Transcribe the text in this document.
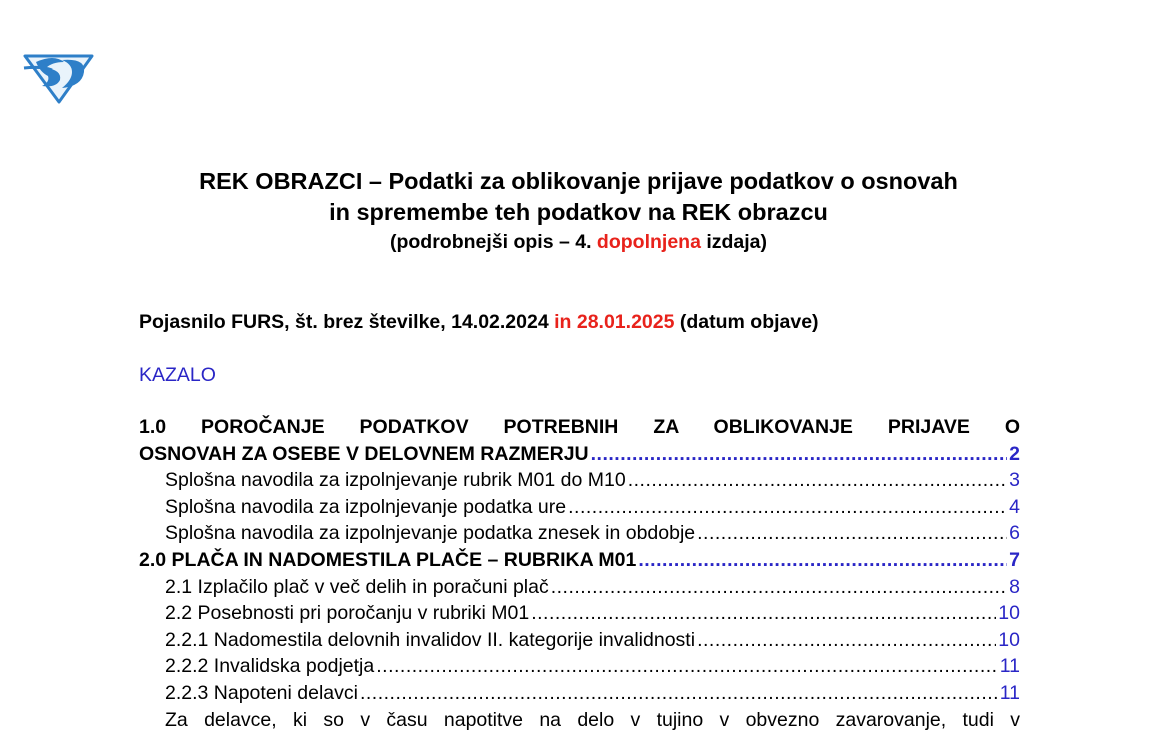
REK OBRAZCI – Podatki za oblikovanje prijave podatkov o osnovah
in spremembe teh podatkov na REK obrazcu
(podrobnejši opis – 4. dopolnjena izdaja)
Pojasnilo FURS, št. brez številke, 14.02.2024 in 28.01.2025 (datum objave)
KAZALO
1.0 POROČANJE PODATKOV POTREBNIH ZA OBLIKOVANJE PRIJAVE O
OSNOVAH ZA OSEBE V DELOVNEM RAZMERJU .....	2
Splošna navodila za izpolnjevanje rubrik M01 do M10 .....	3
Splošna navodila za izpolnjevanje podatka ure .....	4
Splošna navodila za izpolnjevanje podatka znesek in obdobje .....	6
2.0 PLAČA IN NADOMESTILA PLAČE – RUBRIKA M01 .....	7
2.1 Izplačilo plač v več delih in poračuni plač .....	8
2.2 Posebnosti pri poročanju v rubriki M01 .....	10
2.2.1 Nadomestila delovnih invalidov II. kategorije invalidnosti .....	10
2.2.2 Invalidska podjetja .....	11
2.2.3 Napoteni delavci .....	11
Za delavce, ki so v času napotitve na delo v tujino v obvezno zavarovanje, tudi v
